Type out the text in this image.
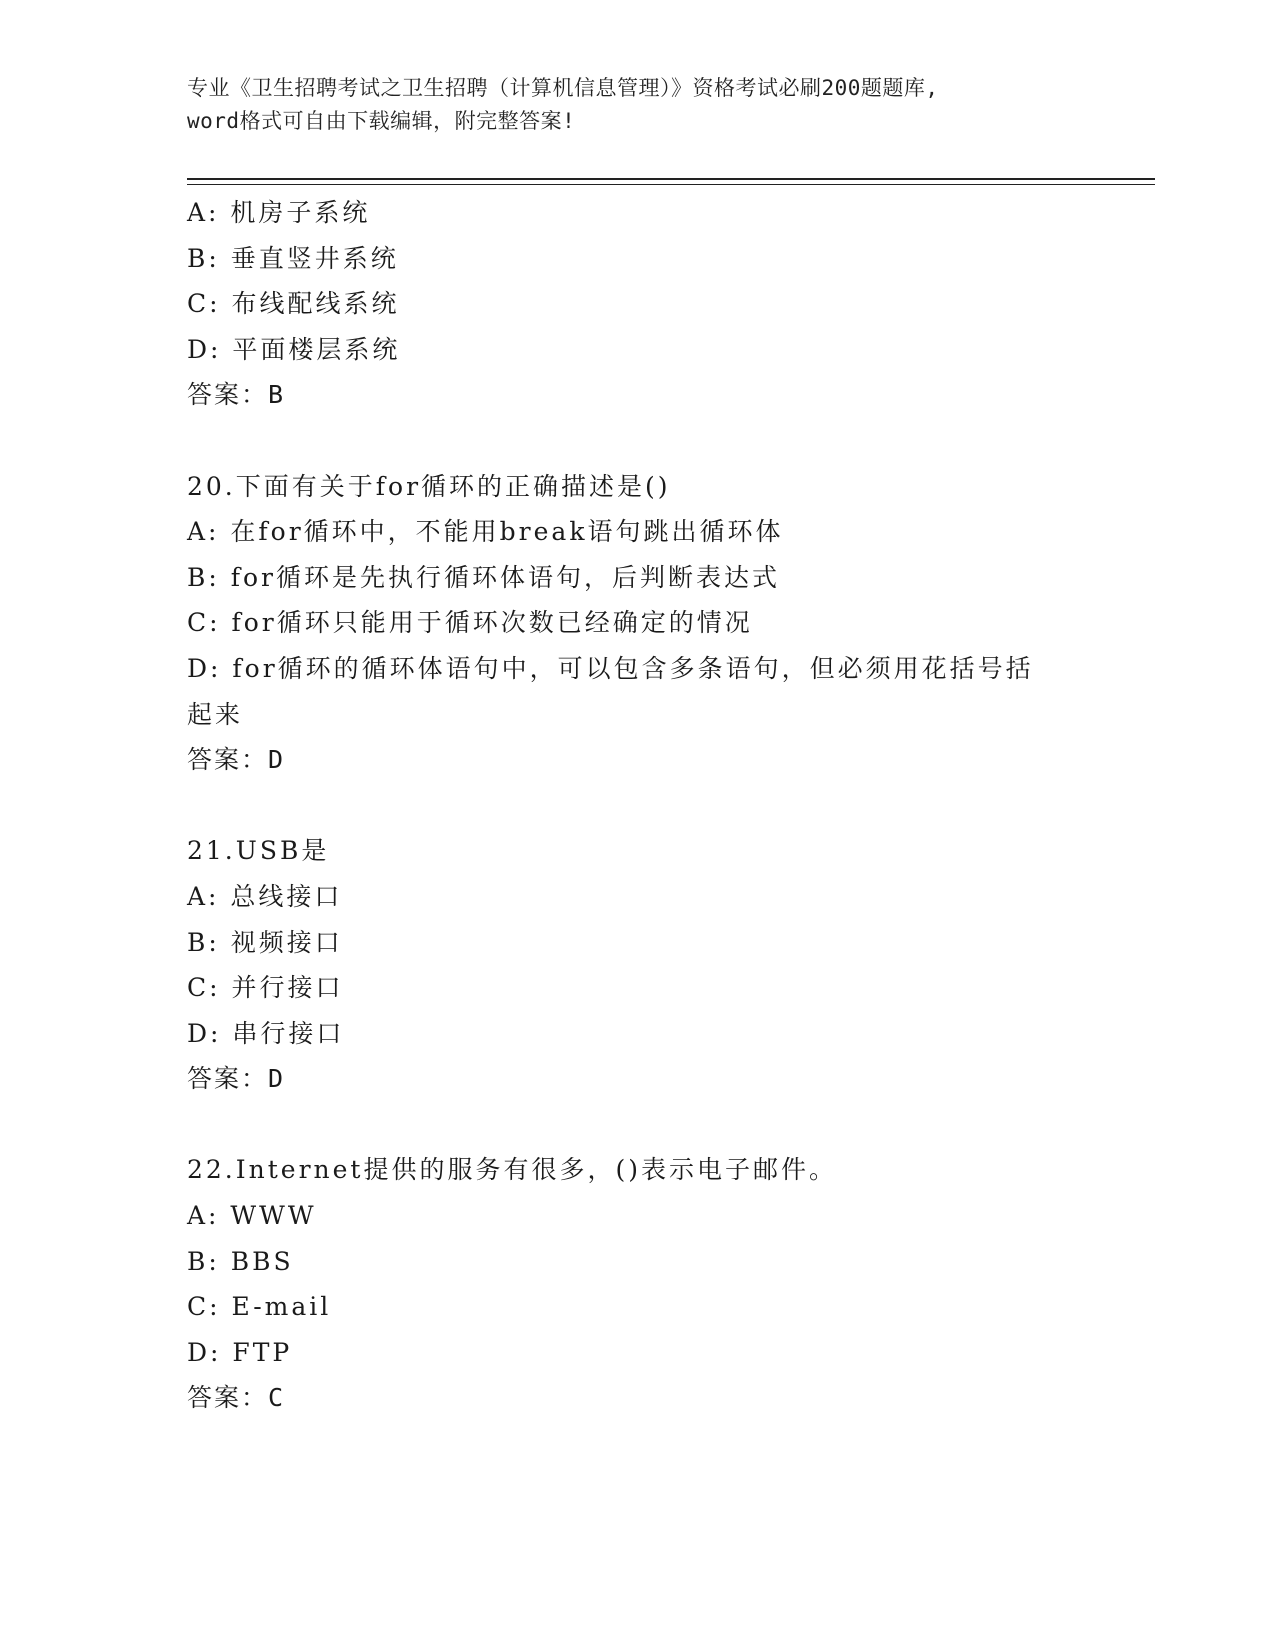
专业《卫生招聘考试之卫生招聘（计算机信息管理）》资格考试必刷200题题库,
word格式可自由下载编辑，附完整答案!
A: 机房子系统
B: 垂直竖井系统
C: 布线配线系统
D: 平面楼层系统
答案：B
20.下面有关于for循环的正确描述是()
A: 在for循环中，不能用break语句跳出循环体
B: for循环是先执行循环体语句，后判断表达式
C: for循环只能用于循环次数已经确定的情况
D: for循环的循环体语句中，可以包含多条语句，但必须用花括号括
起来
答案：D
21.USB是
A: 总线接口
B: 视频接口
C: 并行接口
D: 串行接口
答案：D
22.Internet提供的服务有很多，()表示电子邮件。
A: WWW
B: BBS
C: E-mail
D: FTP
答案：C
